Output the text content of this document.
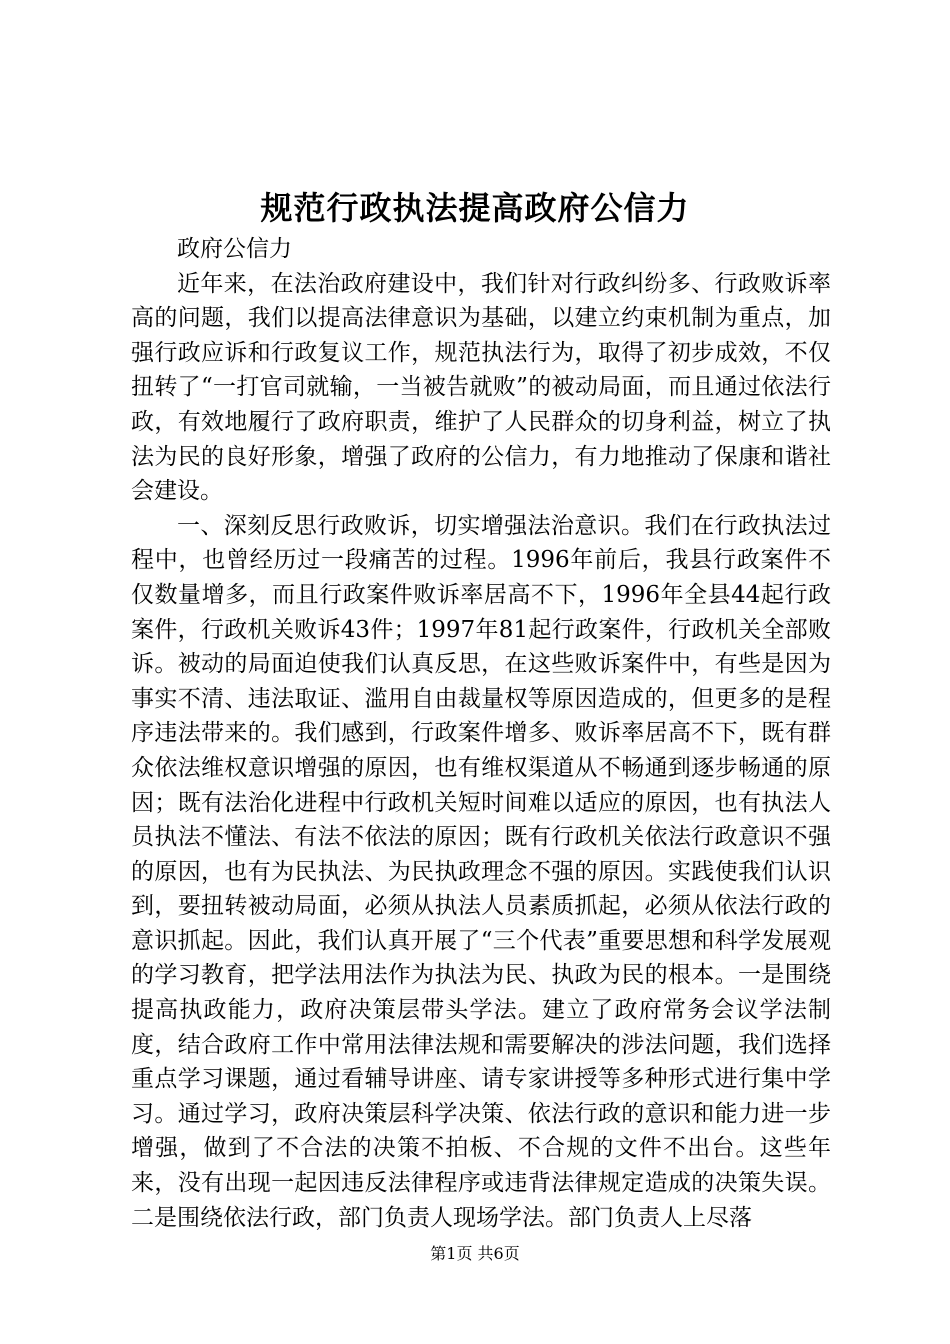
规范行政执法提高政府公信力

政府公信力

近年来，在法治政府建设中，我们针对行政纠纷多、行政败诉率高的问题，我们以提高法律意识为基础，以建立约束机制为重点，加强行政应诉和行政复议工作，规范执法行为，取得了初步成效，不仅扭转了“一打官司就输，一当被告就败”的被动局面，而且通过依法行政，有效地履行了政府职责，维护了人民群众的切身利益，树立了执法为民的良好形象，增强了政府的公信力，有力地推动了保康和谐社会建设。

一、深刻反思行政败诉，切实增强法治意识。我们在行政执法过程中，也曾经历过一段痛苦的过程。1996年前后，我县行政案件不仅数量增多，而且行政案件败诉率居高不下，1996年全县44起行政案件，行政机关败诉43件；1997年81起行政案件，行政机关全部败诉。被动的局面迫使我们认真反思，在这些败诉案件中，有些是因为事实不清、违法取证、滥用自由裁量权等原因造成的，但更多的是程序违法带来的。我们感到，行政案件增多、败诉率居高不下，既有群众依法维权意识增强的原因，也有维权渠道从不畅通到逐步畅通的原因；既有法治化进程中行政机关短时间难以适应的原因，也有执法人员执法不懂法、有法不依法的原因；既有行政机关依法行政意识不强的原因，也有为民执法、为民执政理念不强的原因。实践使我们认识到，要扭转被动局面，必须从执法人员素质抓起，必须从依法行政的意识抓起。因此，我们认真开展了“三个代表”重要思想和科学发展观的学习教育，把学法用法作为执法为民、执政为民的根本。一是围绕提高执政能力，政府决策层带头学法。建立了政府常务会议学法制度，结合政府工作中常用法律法规和需要解决的涉法问题，我们选择重点学习课题，通过看辅导讲座、请专家讲授等多种形式进行集中学习。通过学习，政府决策层科学决策、依法行政的意识和能力进一步增强，做到了不合法的决策不拍板、不合规的文件不出台。这些年来，没有出现一起因违反法律程序或违背法律规定造成的决策失误。二是围绕依法行政，部门负责人现场学法。部门负责人上尽落

第1页 共6页
